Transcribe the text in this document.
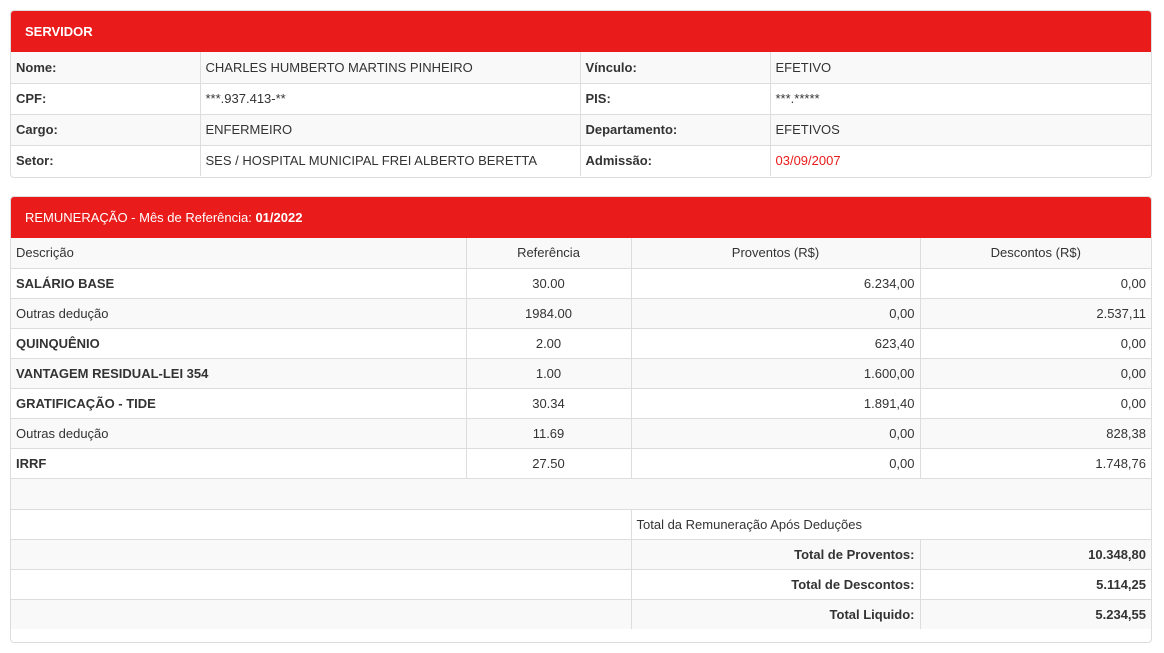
SERVIDOR
Nome:	CHARLES HUMBERTO MARTINS PINHEIRO	Vínculo:	EFETIVO
CPF:	***.937.413-**	PIS:	***.*****
Cargo:	ENFERMEIRO	Departamento:	EFETIVOS
Setor:	SES / HOSPITAL MUNICIPAL FREI ALBERTO BERETTA	Admissão:	03/09/2007
REMUNERAÇÃO - Mês de Referência: 01/2022
Descrição	Referência	Proventos (R$)	Descontos (R$)
SALÁRIO BASE	30.00	6.234,00	0,00
Outras dedução	1984.00	0,00	2.537,11
QUINQUÊNIO	2.00	623,40	0,00
VANTAGEM RESIDUAL-LEI 354	1.00	1.600,00	0,00
GRATIFICAÇÃO - TIDE	30.34	1.891,40	0,00
Outras dedução	11.69	0,00	828,38
IRRF	27.50	0,00	1.748,76

		Total da Remuneração Após Deduções	
		Total de Proventos:	10.348,80
		Total de Descontos:	5.114,25
		Total Liquido:	5.234,55
